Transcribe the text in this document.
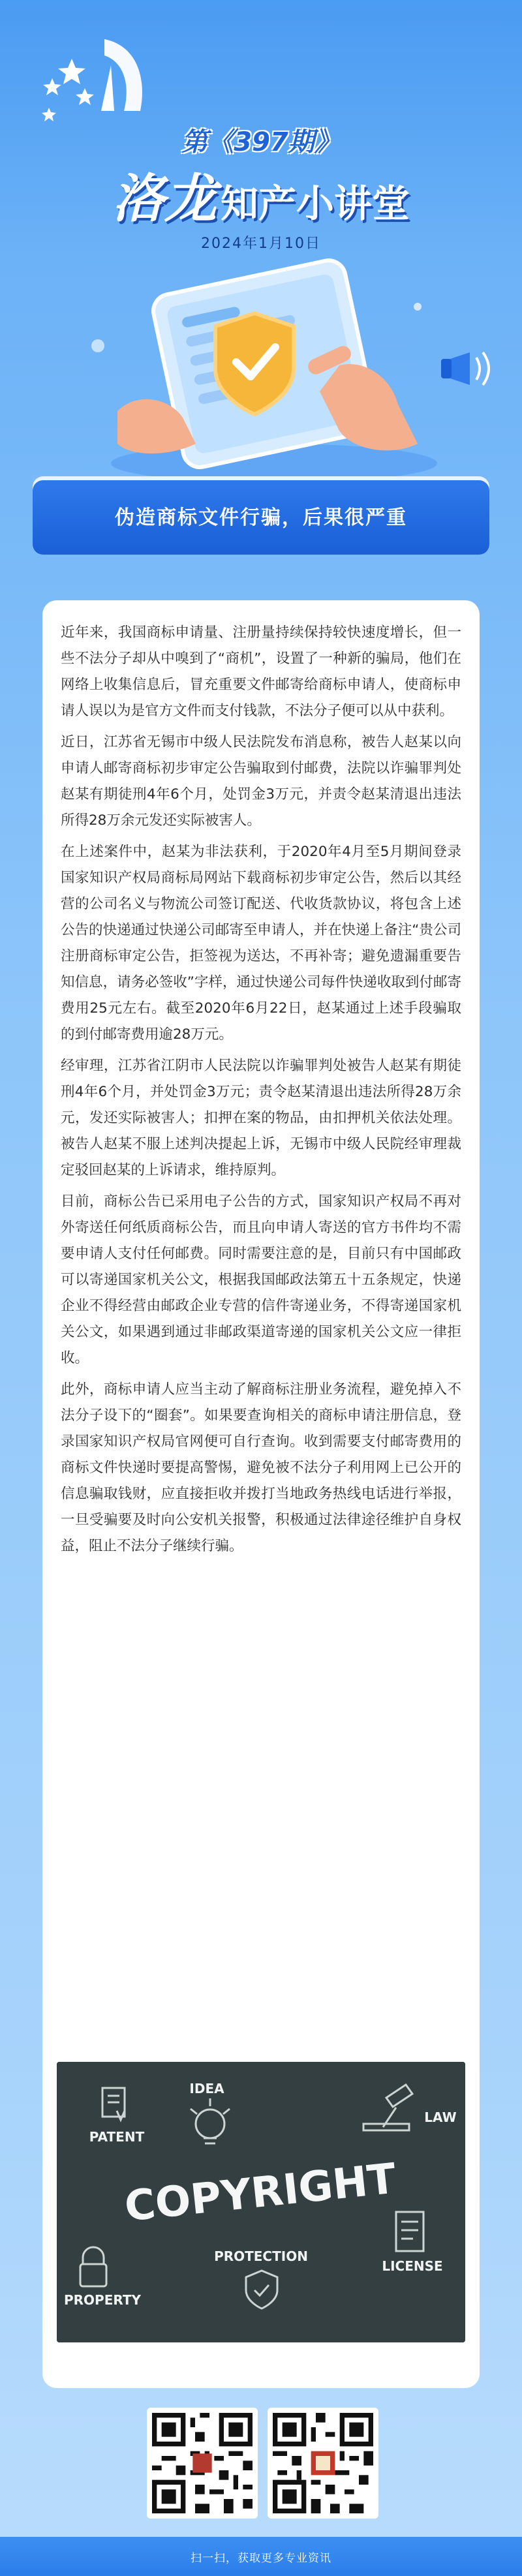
第《397期》
洛龙 知产小讲堂
2024年1月10日
伪造商标文件行骗，后果很严重

近年来，我国商标申请量、注册量持续保持较快速度增长，但一些不法分子却从中嗅到了“商机”，设置了一种新的骗局，他们在网络上收集信息后，冒充重要文件邮寄给商标申请人，使商标申请人误以为是官方文件而支付钱款，不法分子便可以从中获利。

近日，江苏省无锡市中级人民法院发布消息称，被告人赵某以向申请人邮寄商标初步审定公告骗取到付邮费，法院以诈骗罪判处赵某有期徒刑4年6个月，处罚金3万元，并责令赵某清退出违法所得28万余元发还实际被害人。

在上述案件中，赵某为非法获利，于2020年4月至5月期间登录国家知识产权局商标局网站下载商标初步审定公告，然后以其经营的公司名义与物流公司签订配送、代收货款协议，将包含上述公告的快递通过快递公司邮寄至申请人，并在快递上备注“贵公司注册商标审定公告，拒签视为送达，不再补寄；避免遗漏重要告知信息，请务必签收”字样，通过快递公司每件快递收取到付邮寄费用25元左右。截至2020年6月22日，赵某通过上述手段骗取的到付邮寄费用逾28万元。

经审理，江苏省江阴市人民法院以诈骗罪判处被告人赵某有期徒刑4年6个月，并处罚金3万元；责令赵某清退出违法所得28万余元，发还实际被害人；扣押在案的物品，由扣押机关依法处理。被告人赵某不服上述判决提起上诉，无锡市中级人民院经审理裁定驳回赵某的上诉请求，维持原判。

目前，商标公告已采用电子公告的方式，国家知识产权局不再对外寄送任何纸质商标公告，而且向申请人寄送的官方书件均不需要申请人支付任何邮费。同时需要注意的是，目前只有中国邮政可以寄递国家机关公文，根据我国邮政法第五十五条规定，快递企业不得经营由邮政企业专营的信件寄递业务，不得寄递国家机关公文，如果遇到通过非邮政渠道寄递的国家机关公文应一律拒收。

此外，商标申请人应当主动了解商标注册业务流程，避免掉入不法分子设下的“圈套”。如果要查询相关的商标申请注册信息，登录国家知识产权局官网便可自行查询。收到需要支付邮寄费用的商标文件快递时要提高警惕，避免被不法分子利用网上已公开的信息骗取钱财，应直接拒收并拨打当地政务热线电话进行举报，一旦受骗要及时向公安机关报警，积极通过法律途径维护自身权益，阻止不法分子继续行骗。

IDEA
LAW
PATENT
COPYRIGHT
PROTECTION
LICENSE
PROPERTY
扫一扫，获取更多专业资讯
